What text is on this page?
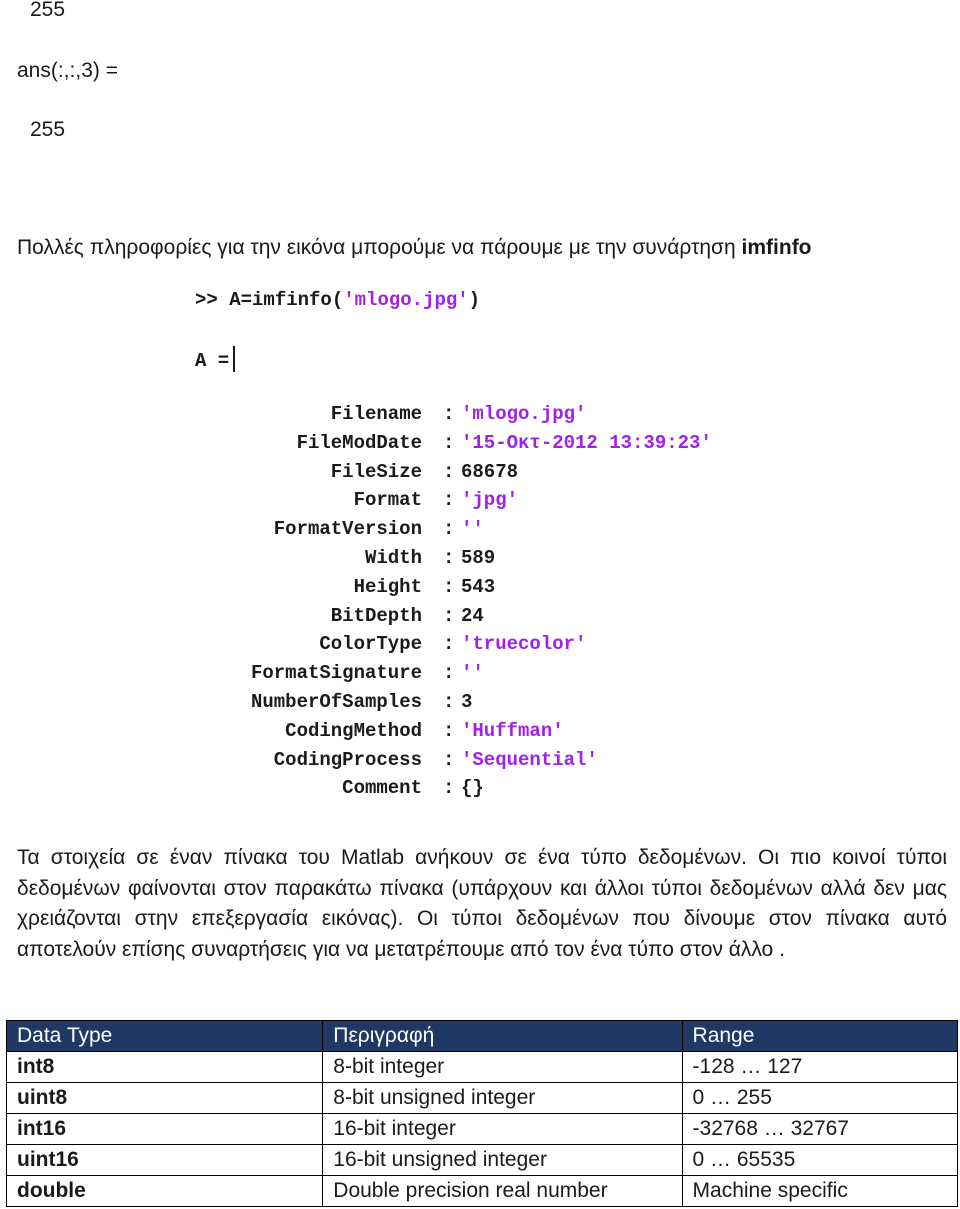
255
ans(:,:,3) =
255
Πολλές πληροφορίες για την εικόνα μπορούμε να πάρουμε με την συνάρτηση imfinfo
>> A=imfinfo('mlogo.jpg')
A =
Filename : 'mlogo.jpg'
FileModDate : '15-Οκτ-2012 13:39:23'
FileSize : 68678
Format : 'jpg'
FormatVersion : ''
Width : 589
Height : 543
BitDepth : 24
ColorType : 'truecolor'
FormatSignature : ''
NumberOfSamples : 3
CodingMethod : 'Huffman'
CodingProcess : 'Sequential'
Comment : {}
Τα στοιχεία σε έναν πίνακα του Matlab ανήκουν σε ένα τύπο δεδομένων. Οι πιο κοινοί τύποι δεδομένων φαίνονται στον παρακάτω πίνακα (υπάρχουν και άλλοι τύποι δεδομένων αλλά δεν μας χρειάζονται στην επεξεργασία εικόνας). Οι τύποι δεδομένων που δίνουμε στον πίνακα αυτό αποτελούν επίσης συναρτήσεις για να μετατρέπουμε από τον ένα τύπο στον άλλο .
Data Type	Περιγραφή	Range
int8	8-bit integer	-128 … 127
uint8	8-bit unsigned integer	0 … 255
int16	16-bit integer	-32768 … 32767
uint16	16-bit unsigned integer	0 … 65535
double	Double precision real number	Machine specific
